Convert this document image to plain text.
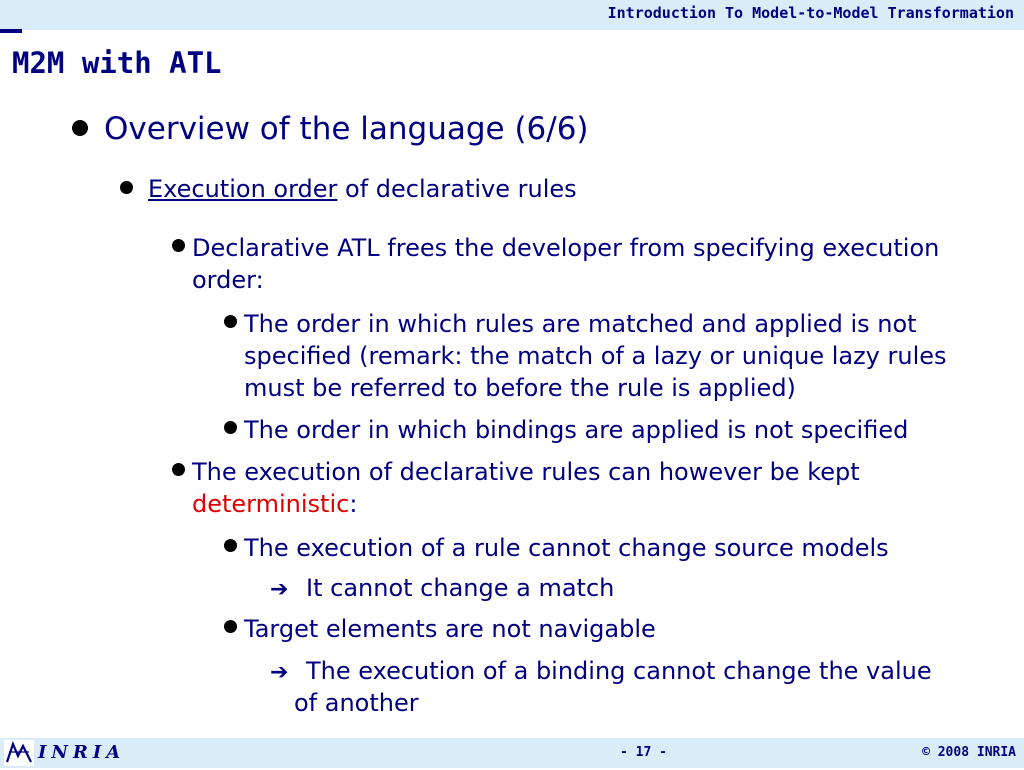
Introduction To Model-to-Model Transformation
M2M with ATL
Overview of the language (6/6)
Execution order of declarative rules
Declarative ATL frees the developer from specifying execution order:
The order in which rules are matched and applied is not specified (remark: the match of a lazy or unique lazy rules must be referred to before the rule is applied)
The order in which bindings are applied is not specified
The execution of declarative rules can however be kept deterministic:
The execution of a rule cannot change source models
➔ It cannot change a match
Target elements are not navigable
➔ The execution of a binding cannot change the value
of another
INRIA	- 17 -	© 2008 INRIA
